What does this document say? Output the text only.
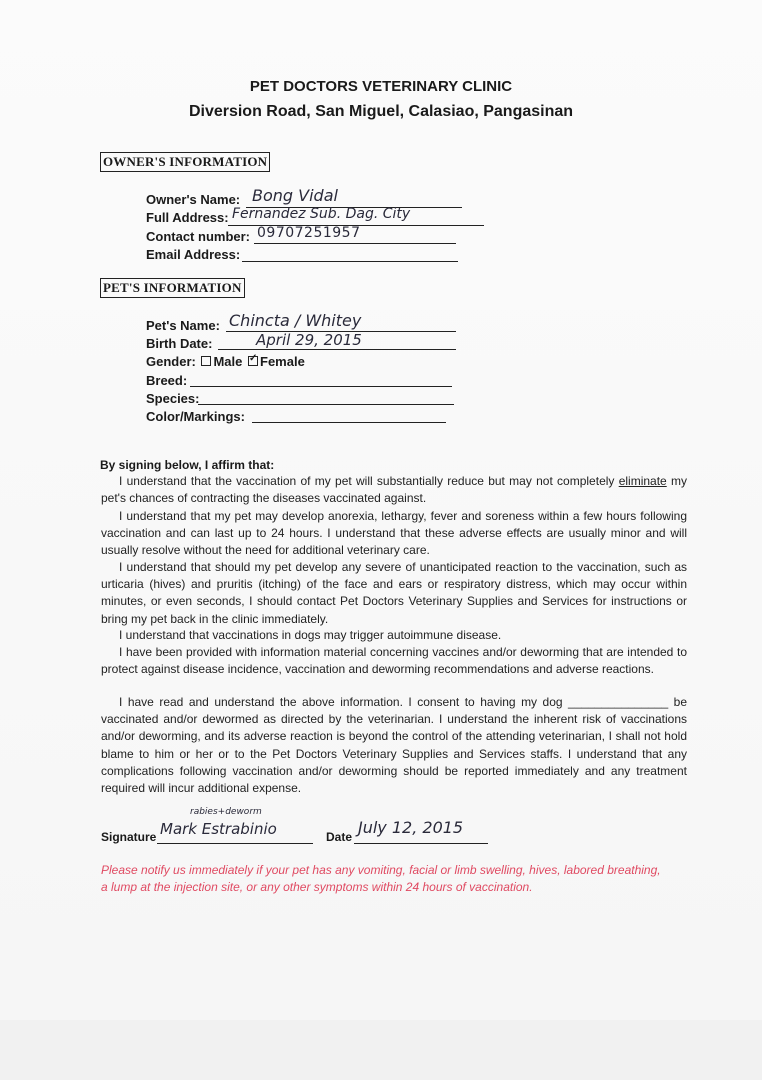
PET DOCTORS VETERINARY CLINIC
Diversion Road, San Miguel, Calasiao, Pangasinan
OWNER'S INFORMATION
Owner's Name: Bong Vidal
Full Address: Fernandez Sub. Dag. City
Contact number: 09707251957
Email Address:
PET'S INFORMATION
Pet's Name: Chincta / Whitey
Birth Date:	April 29, 2015
Gender: Male ✓ Female
Breed:
Species:
Color/Markings:
By signing below, I affirm that:
I understand that the vaccination of my pet will substantially reduce but may not completely eliminate my pet's chances of contracting the diseases vaccinated against.
I understand that my pet may develop anorexia, lethargy, fever and soreness within a few hours following vaccination and can last up to 24 hours. I understand that these adverse effects are usually minor and will usually resolve without the need for additional veterinary care.
I understand that should my pet develop any severe of unanticipated reaction to the vaccination, such as urticaria (hives) and pruritis (itching) of the face and ears or respiratory distress, which may occur within minutes, or even seconds, I should contact Pet Doctors Veterinary Supplies and Services for instructions or bring my pet back in the clinic immediately.
I understand that vaccinations in dogs may trigger autoimmune disease.
I have been provided with information material concerning vaccines and/or deworming that are intended to protect against disease incidence, vaccination and deworming recommendations and adverse reactions.
I have read and understand the above information. I consent to having my dog _______________ be vaccinated and/or dewormed as directed by the veterinarian. I understand the inherent risk of vaccinations and/or deworming, and its adverse reaction is beyond the control of the attending veterinarian, I shall not hold blame to him or her or to the Pet Doctors Veterinary Supplies and Services staffs. I understand that any complications following vaccination and/or deworming should be reported immediately and any treatment required will incur additional expense.
Signature
rabies+deworm
Mark Estrabinio	Date July 12, 2015
Please notify us immediately if your pet has any vomiting, facial or limb swelling, hives, labored breathing, a lump at the injection site, or any other symptoms within 24 hours of vaccination.
